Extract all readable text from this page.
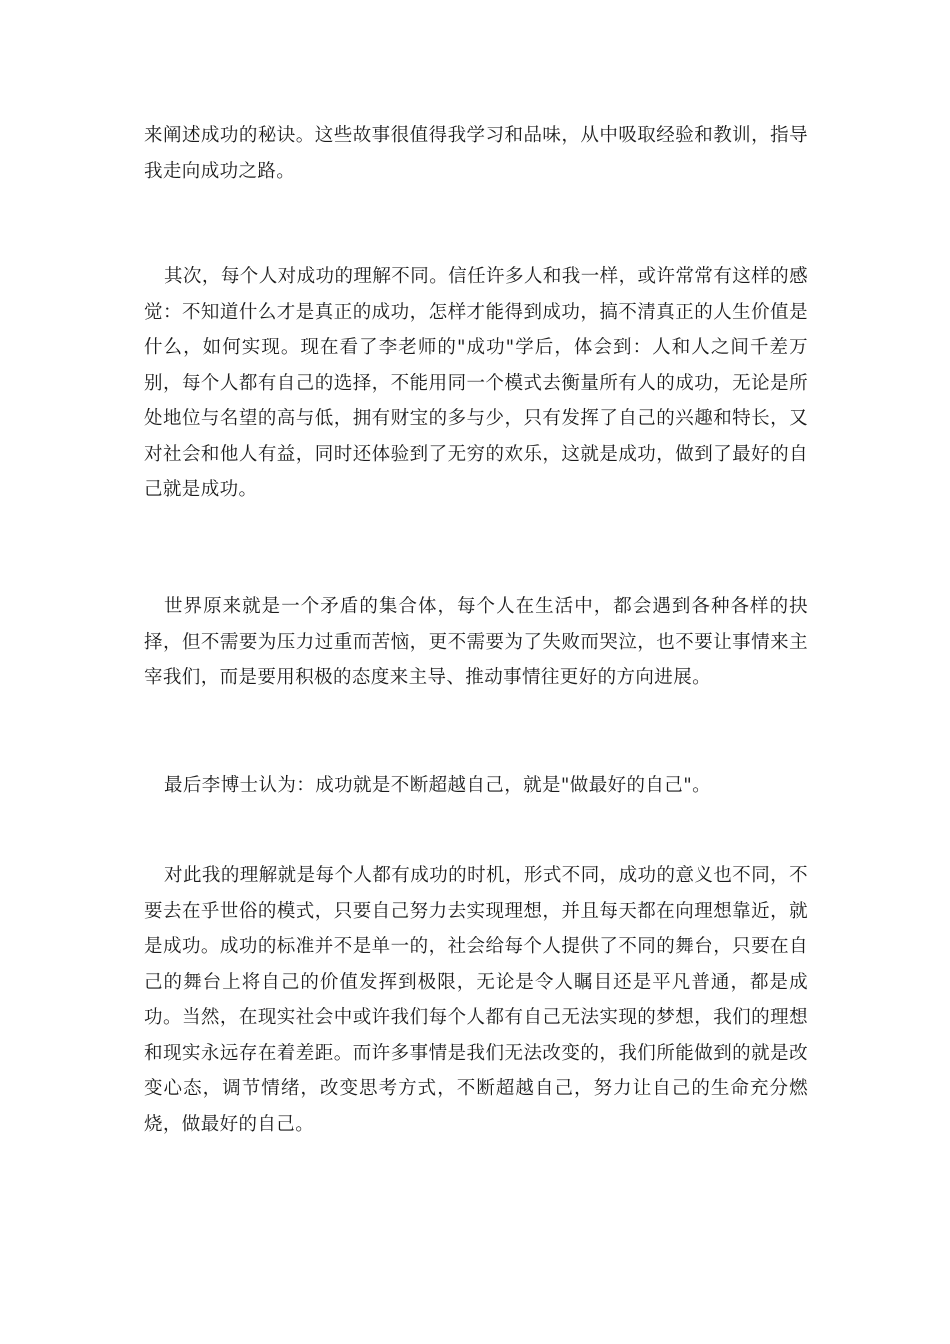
来阐述成功的秘诀。这些故事很值得我学习和品味，从中吸取经验和教训，指导我走向成功之路。

其次，每个人对成功的理解不同。信任许多人和我一样，或许常常有这样的感觉：不知道什么才是真正的成功，怎样才能得到成功，搞不清真正的人生价值是什么，如何实现。现在看了李老师的"成功"学后，体会到：人和人之间千差万别，每个人都有自己的选择，不能用同一个模式去衡量所有人的成功，无论是所处地位与名望的高与低，拥有财宝的多与少，只有发挥了自己的兴趣和特长，又对社会和他人有益，同时还体验到了无穷的欢乐，这就是成功，做到了最好的自己就是成功。

世界原来就是一个矛盾的集合体，每个人在生活中，都会遇到各种各样的抉择，但不需要为压力过重而苦恼，更不需要为了失败而哭泣，也不要让事情来主宰我们，而是要用积极的态度来主导、推动事情往更好的方向进展。

最后李博士认为：成功就是不断超越自己，就是"做最好的自己"。

对此我的理解就是每个人都有成功的时机，形式不同，成功的意义也不同，不要去在乎世俗的模式，只要自己努力去实现理想，并且每天都在向理想靠近，就是成功。成功的标准并不是单一的，社会给每个人提供了不同的舞台，只要在自己的舞台上将自己的价值发挥到极限，无论是令人瞩目还是平凡普通，都是成功。当然，在现实社会中或许我们每个人都有自己无法实现的梦想，我们的理想和现实永远存在着差距。而许多事情是我们无法改变的，我们所能做到的就是改变心态，调节情绪，改变思考方式，不断超越自己，努力让自己的生命充分燃烧，做最好的自己。
